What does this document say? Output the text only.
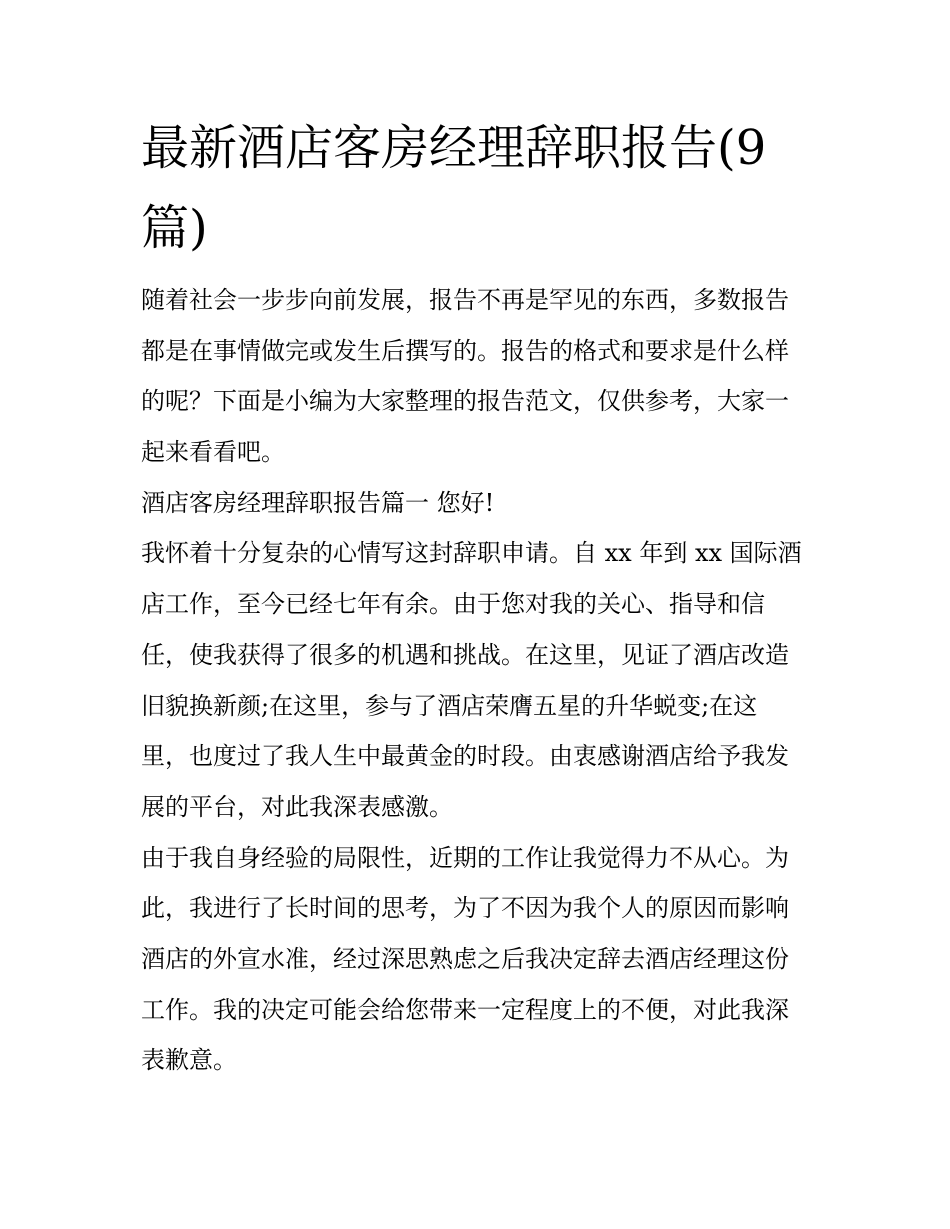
最新酒店客房经理辞职报告(9
篇)
随着社会一步步向前发展，报告不再是罕见的东西，多数报告
都是在事情做完或发生后撰写的。报告的格式和要求是什么样
的呢？下面是小编为大家整理的报告范文，仅供参考，大家一
起来看看吧。
酒店客房经理辞职报告篇一 您好!
我怀着十分复杂的心情写这封辞职申请。自 xx 年到 xx 国际酒
店工作，至今已经七年有余。由于您对我的关心、指导和信
任，使我获得了很多的机遇和挑战。在这里，见证了酒店改造
旧貌换新颜;在这里，参与了酒店荣膺五星的升华蜕变;在这
里，也度过了我人生中最黄金的时段。由衷感谢酒店给予我发
展的平台，对此我深表感激。
由于我自身经验的局限性，近期的工作让我觉得力不从心。为
此，我进行了长时间的思考，为了不因为我个人的原因而影响
酒店的外宣水准，经过深思熟虑之后我决定辞去酒店经理这份
工作。我的决定可能会给您带来一定程度上的不便，对此我深
表歉意。
